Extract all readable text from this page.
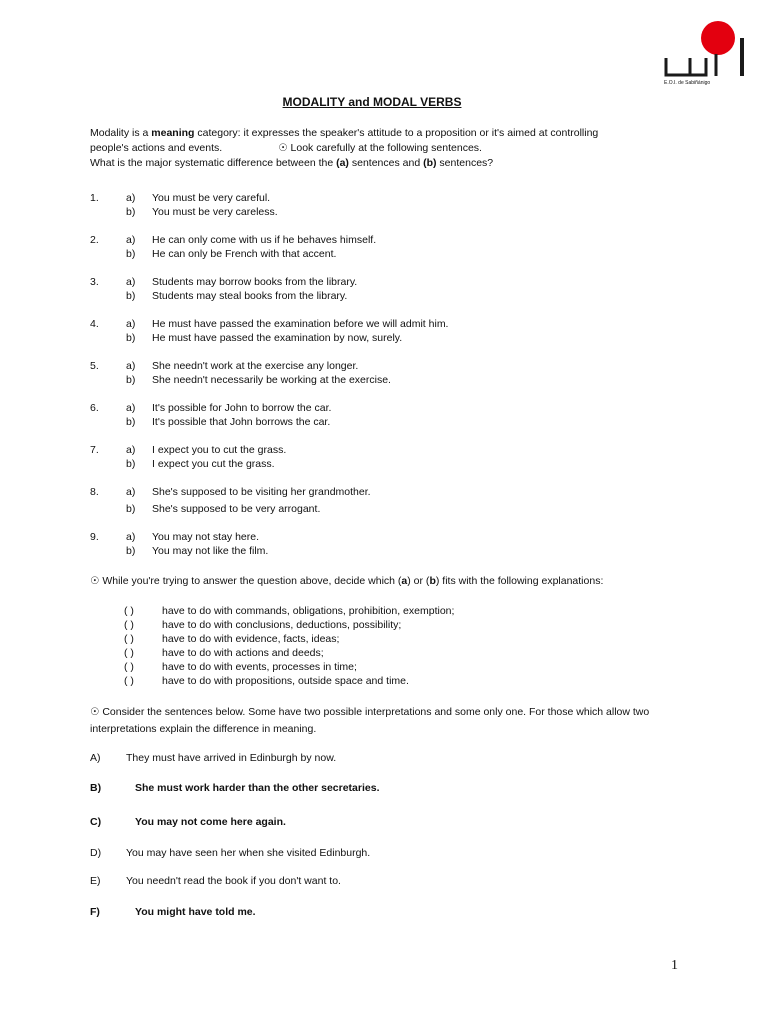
E.O.I. de Sabiñánigo
MODALITY and MODAL VERBS

Modality is a meaning category: it expresses the speaker's attitude to a proposition or it's aimed at controlling

people's actions and events.	☉ Look carefully at the following sentences.

What is the major systematic difference between the (a) sentences and (b) sentences?

1.	a) You must be very careful.
b) You must be very careless.
2.	a) He can only come with us if he behaves himself.
b) He can only be French with that accent.
3.	a) Students may borrow books from the library.
b) Students may steal books from the library.
4.	a) He must have passed the examination before we will admit him.
b) He must have passed the examination by now, surely.
5.	a) She needn't work at the exercise any longer.
b) She needn't necessarily be working at the exercise.
6.	a) It's possible for John to borrow the car.
b) It's possible that John borrows the car.
7.	a) I expect you to cut the grass.
b) I expect you cut the grass.
8.	a) She's supposed to be visiting her grandmother.
b) She's supposed to be very arrogant.
9.	a) You may not stay here.
b) You may not like the film.
☉ While you're trying to answer the question above, decide which (a) or (b) fits with the following explanations:
( )	have to do with commands, obligations, prohibition, exemption;
( )	have to do with conclusions, deductions, possibility;
( )	have to do with evidence, facts, ideas;
( )	have to do with actions and deeds;
( )	have to do with events, processes in time;
( )	have to do with propositions, outside space and time.
☉ Consider the sentences below. Some have two possible interpretations and some only one. For those which allow two interpretations explain the difference in meaning.
A) They must have arrived in Edinburgh by now.
B)	She must work harder than the other secretaries.
C)	You may not come here again.
D) You may have seen her when she visited Edinburgh.
E) You needn't read the book if you don't want to.
F)	You might have told me.
1
